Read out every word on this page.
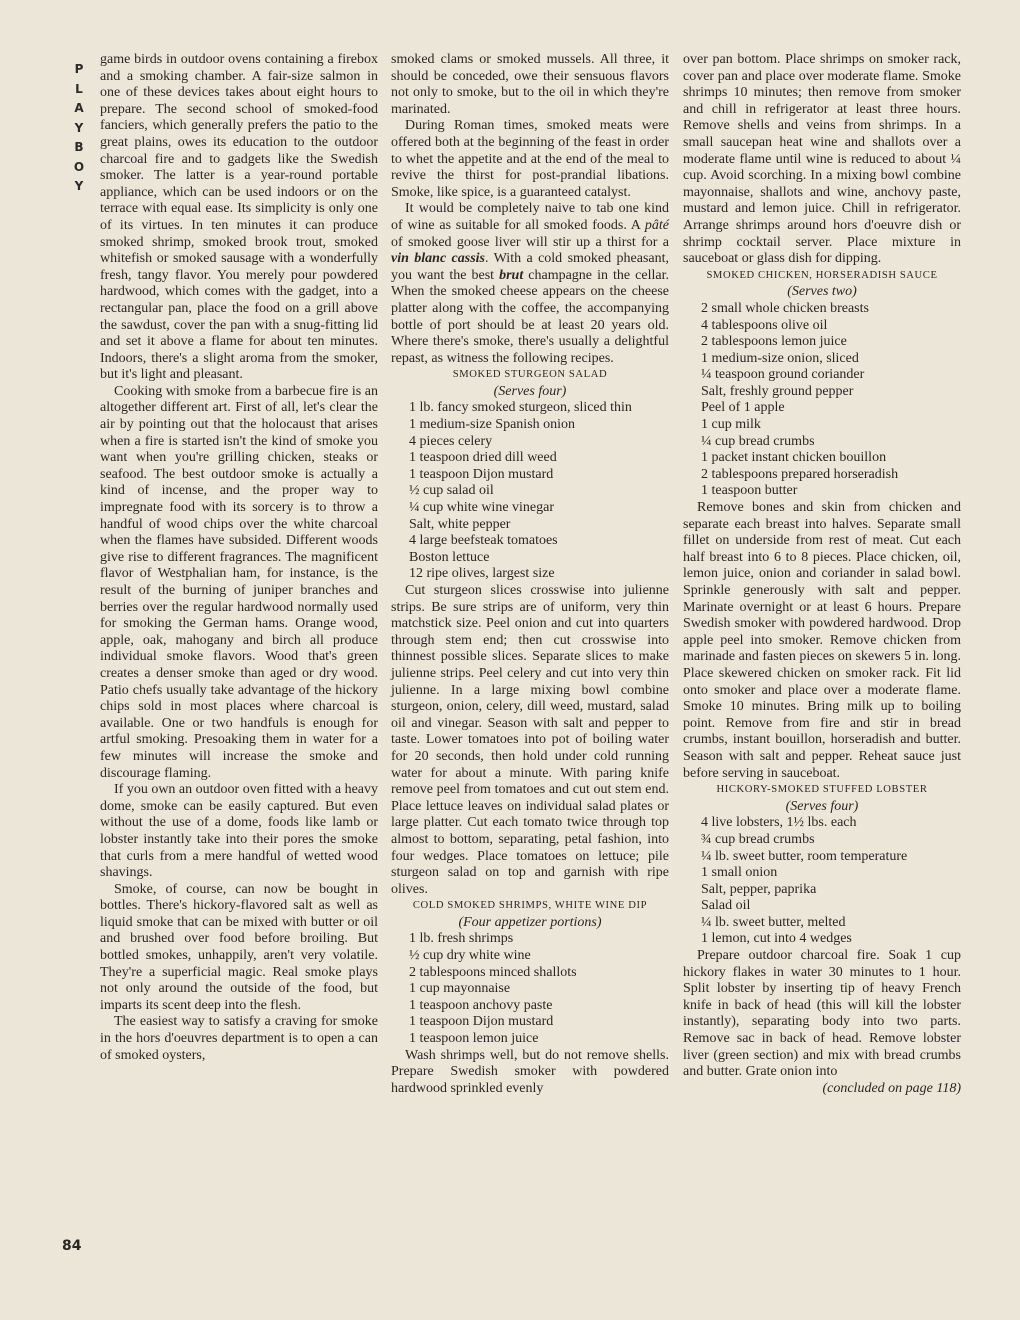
P
L
A
Y
B
O
Y
84

game birds in outdoor ovens containing a firebox and a smoking chamber. A fair-size salmon in one of these devices takes about eight hours to prepare. The second school of smoked-food fanciers, which generally prefers the patio to the great plains, owes its education to the outdoor charcoal fire and to gadgets like the Swedish smoker. The latter is a year-round portable appliance, which can be used indoors or on the terrace with equal ease. Its simplicity is only one of its virtues. In ten minutes it can produce smoked shrimp, smoked brook trout, smoked whitefish or smoked sausage with a wonderfully fresh, tangy flavor. You merely pour powdered hardwood, which comes with the gadget, into a rectangular pan, place the food on a grill above the sawdust, cover the pan with a snug-fitting lid and set it above a flame for about ten minutes. Indoors, there's a slight aroma from the smoker, but it's light and pleasant.

Cooking with smoke from a barbecue fire is an altogether different art. First of all, let's clear the air by pointing out that the holocaust that arises when a fire is started isn't the kind of smoke you want when you're grilling chicken, steaks or seafood. The best outdoor smoke is actually a kind of incense, and the proper way to impregnate food with its sorcery is to throw a handful of wood chips over the white charcoal when the flames have subsided. Different woods give rise to different fragrances. The magnificent flavor of Westphalian ham, for instance, is the result of the burning of juniper branches and berries over the regular hardwood normally used for smoking the German hams. Orange wood, apple, oak, mahogany and birch all produce individual smoke flavors. Wood that's green creates a denser smoke than aged or dry wood. Patio chefs usually take advantage of the hickory chips sold in most places where charcoal is available. One or two handfuls is enough for artful smoking. Presoaking them in water for a few minutes will increase the smoke and discourage flaming.

If you own an outdoor oven fitted with a heavy dome, smoke can be easily captured. But even without the use of a dome, foods like lamb or lobster instantly take into their pores the smoke that curls from a mere handful of wetted wood shavings.

Smoke, of course, can now be bought in bottles. There's hickory-flavored salt as well as liquid smoke that can be mixed with butter or oil and brushed over food before broiling. But bottled smokes, unhappily, aren't very volatile. They're a superficial magic. Real smoke plays not only around the outside of the food, but imparts its scent deep into the flesh.

The easiest way to satisfy a craving for smoke in the hors d'oeuvres department is to open a can of smoked oysters,

smoked clams or smoked mussels. All three, it should be conceded, owe their sensuous flavors not only to smoke, but to the oil in which they're marinated.

During Roman times, smoked meats were offered both at the beginning of the feast in order to whet the appetite and at the end of the meal to revive the thirst for post-prandial libations. Smoke, like spice, is a guaranteed catalyst.

It would be completely naive to tab one kind of wine as suitable for all smoked foods. A pâté of smoked goose liver will stir up a thirst for a vin blanc cassis. With a cold smoked pheasant, you want the best brut champagne in the cellar. When the smoked cheese appears on the cheese platter along with the coffee, the accompanying bottle of port should be at least 20 years old. Where there's smoke, there's usually a delightful repast, as witness the following recipes.

SMOKED STURGEON SALAD

(Serves four)

1 lb. fancy smoked sturgeon, sliced thin
1 medium-size Spanish onion
4 pieces celery
1 teaspoon dried dill weed
1 teaspoon Dijon mustard
½ cup salad oil
¼ cup white wine vinegar
Salt, white pepper
4 large beefsteak tomatoes
Boston lettuce
12 ripe olives, largest size

Cut sturgeon slices crosswise into julienne strips. Be sure strips are of uniform, very thin matchstick size. Peel onion and cut into quarters through stem end; then cut crosswise into thinnest possible slices. Separate slices to make julienne strips. Peel celery and cut into very thin julienne. In a large mixing bowl combine sturgeon, onion, celery, dill weed, mustard, salad oil and vinegar. Season with salt and pepper to taste. Lower tomatoes into pot of boiling water for 20 seconds, then hold under cold running water for about a minute. With paring knife remove peel from tomatoes and cut out stem end. Place lettuce leaves on individual salad plates or large platter. Cut each tomato twice through top almost to bottom, separating, petal fashion, into four wedges. Place tomatoes on lettuce; pile sturgeon salad on top and garnish with ripe olives.

COLD SMOKED SHRIMPS, WHITE WINE DIP

(Four appetizer portions)

1 lb. fresh shrimps
½ cup dry white wine
2 tablespoons minced shallots
1 cup mayonnaise
1 teaspoon anchovy paste
1 teaspoon Dijon mustard
1 teaspoon lemon juice

Wash shrimps well, but do not remove shells. Prepare Swedish smoker with powdered hardwood sprinkled evenly

over pan bottom. Place shrimps on smoker rack, cover pan and place over moderate flame. Smoke shrimps 10 minutes; then remove from smoker and chill in refrigerator at least three hours. Remove shells and veins from shrimps. In a small saucepan heat wine and shallots over a moderate flame until wine is reduced to about ¼ cup. Avoid scorching. In a mixing bowl combine mayonnaise, shallots and wine, anchovy paste, mustard and lemon juice. Chill in refrigerator. Arrange shrimps around hors d'oeuvre dish or shrimp cocktail server. Place mixture in sauceboat or glass dish for dipping.

SMOKED CHICKEN, HORSERADISH SAUCE

(Serves two)

2 small whole chicken breasts
4 tablespoons olive oil
2 tablespoons lemon juice
1 medium-size onion, sliced
¼ teaspoon ground coriander
Salt, freshly ground pepper
Peel of 1 apple
1 cup milk
¼ cup bread crumbs
1 packet instant chicken bouillon
2 tablespoons prepared horseradish
1 teaspoon butter

Remove bones and skin from chicken and separate each breast into halves. Separate small fillet on underside from rest of meat. Cut each half breast into 6 to 8 pieces. Place chicken, oil, lemon juice, onion and coriander in salad bowl. Sprinkle generously with salt and pepper. Marinate overnight or at least 6 hours. Prepare Swedish smoker with powdered hardwood. Drop apple peel into smoker. Remove chicken from marinade and fasten pieces on skewers 5 in. long. Place skewered chicken on smoker rack. Fit lid onto smoker and place over a moderate flame. Smoke 10 minutes. Bring milk up to boiling point. Remove from fire and stir in bread crumbs, instant bouillon, horseradish and butter. Season with salt and pepper. Reheat sauce just before serving in sauceboat.

HICKORY-SMOKED STUFFED LOBSTER

(Serves four)

4 live lobsters, 1½ lbs. each
¾ cup bread crumbs
¼ lb. sweet butter, room temperature
1 small onion
Salt, pepper, paprika
Salad oil
¼ lb. sweet butter, melted
1 lemon, cut into 4 wedges

Prepare outdoor charcoal fire. Soak 1 cup hickory flakes in water 30 minutes to 1 hour. Split lobster by inserting tip of heavy French knife in back of head (this will kill the lobster instantly), separating body into two parts. Remove sac in back of head. Remove lobster liver (green section) and mix with bread crumbs and butter. Grate onion into

(concluded on page 118)
